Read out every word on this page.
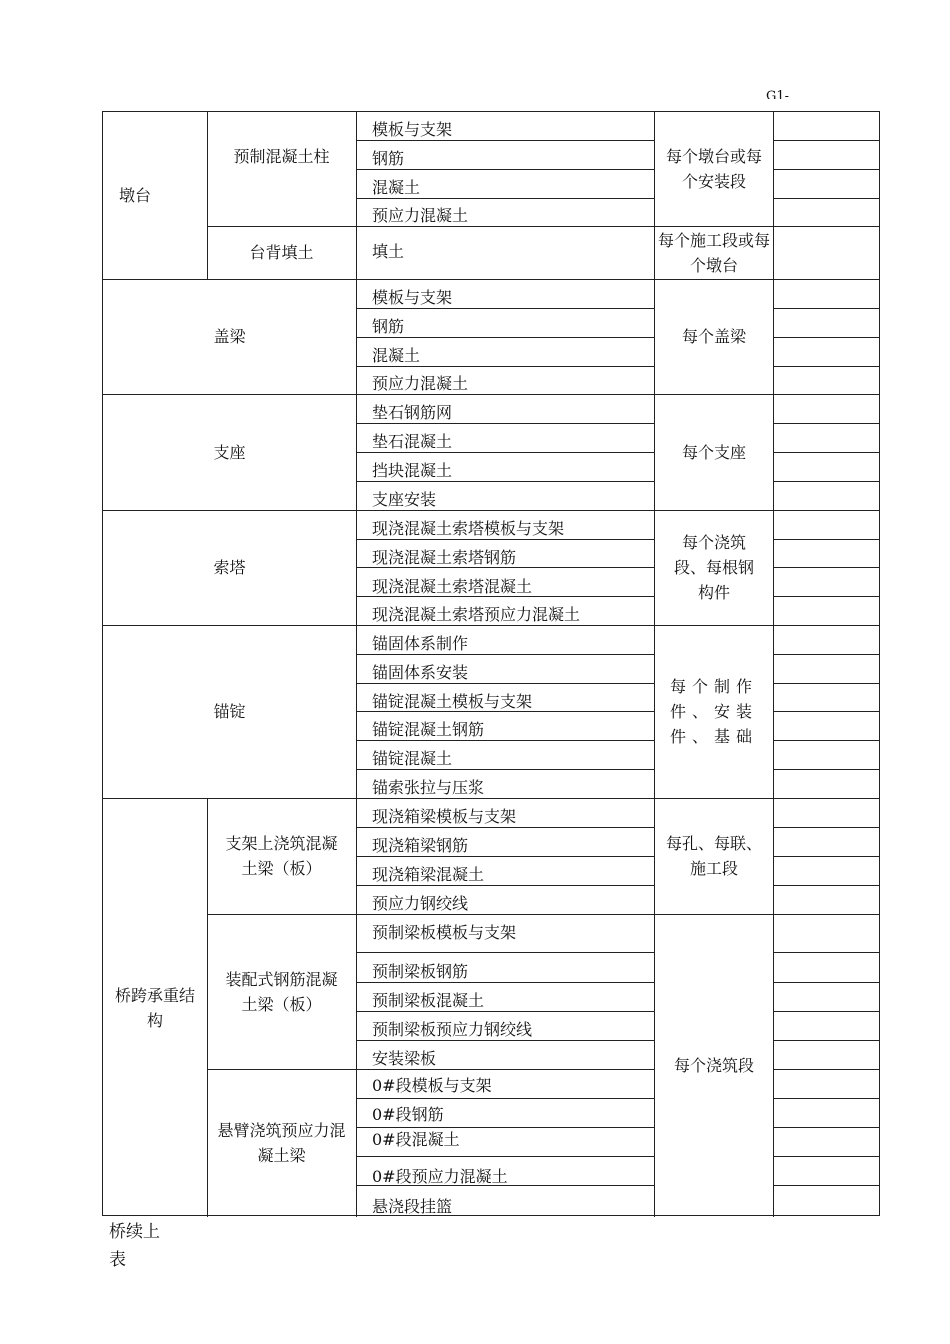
G1-
墩台
预制混凝土柱
模板与支架
钢筋
混凝土
预应力混凝土
每个墩台或每个安装段
台背填土	填土
每个施工段或每个墩台
盖梁
模板与支架
钢筋
混凝土
预应力混凝土
每个盖梁
支座
垫石钢筋网
垫石混凝土
挡块混凝土
支座安装
每个支座
索塔
现浇混凝土索塔模板与支架
现浇混凝土索塔钢筋
现浇混凝土索塔混凝土
现浇混凝土索塔预应力混凝土
每个浇筑段、每根钢构件
锚锭
锚固体系制作
锚固体系安装
锚锭混凝土模板与支架
锚锭混凝土钢筋
锚锭混凝土
锚索张拉与压浆
每个制作件、安装件、基础
桥跨承重结构
支架上浇筑混凝土梁（板）
现浇箱梁模板与支架
现浇箱梁钢筋
现浇箱梁混凝土
预应力钢绞线
每孔、每联、施工段
装配式钢筋混凝土梁（板）
预制梁板模板与支架
预制梁板钢筋
预制梁板混凝土
预制梁板预应力钢绞线
安装梁板
悬臂浇筑预应力混凝土梁
0#段模板与支架
0#段钢筋
0#段混凝土
0#段预应力混凝土
悬浇段挂篮
每个浇筑段
桥续上
表
